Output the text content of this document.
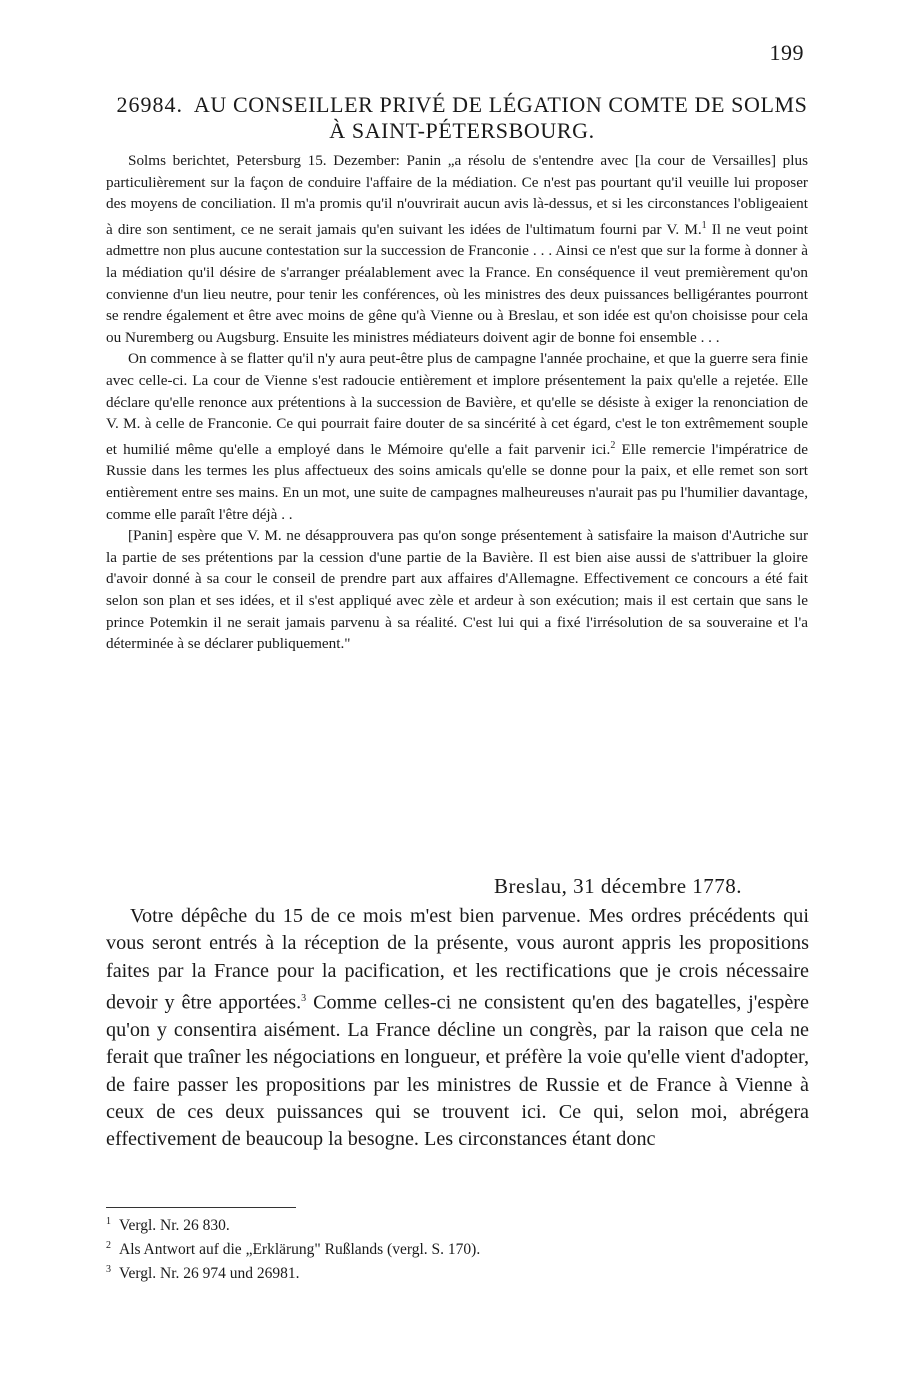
199
26984. AU CONSEILLER PRIVÉ DE LÉGATION COMTE DE SOLMS À SAINT-PÉTERSBOURG.

Solms berichtet, Petersburg 15. Dezember: Panin „a résolu de s'entendre avec [la cour de Versailles] plus particulièrement sur la façon de conduire l'affaire de la médiation. Ce n'est pas pourtant qu'il veuille lui proposer des moyens de conciliation. Il m'a promis qu'il n'ouvrirait aucun avis là-dessus, et si les circonstances l'obligeaient à dire son sentiment, ce ne serait jamais qu'en suivant les idées de l'ultimatum fourni par V. M.$^1$ Il ne veut point admettre non plus aucune contestation sur la succession de Franconie . . . Ainsi ce n'est que sur la forme à donner à la médiation qu'il désire de s'arranger préalablement avec la France. En conséquence il veut premièrement qu'on convienne d'un lieu neutre, pour tenir les conférences, où les ministres des deux puissances belligérantes pourront se rendre également et être avec moins de gêne qu'à Vienne ou à Breslau, et son idée est qu'on choisisse pour cela ou Nuremberg ou Augsburg. Ensuite les ministres médiateurs doivent agir de bonne foi ensemble . . .

On commence à se flatter qu'il n'y aura peut-être plus de campagne l'année prochaine, et que la guerre sera finie avec celle-ci. La cour de Vienne s'est radoucie entièrement et implore présentement la paix qu'elle a rejetée. Elle déclare qu'elle renonce aux prétentions à la succession de Bavière, et qu'elle se désiste à exiger la renonciation de V. M. à celle de Franconie. Ce qui pourrait faire douter de sa sincérité à cet égard, c'est le ton extrêmement souple et humilié même qu'elle a employé dans le Mémoire qu'elle a fait parvenir ici.$^2$ Elle remercie l'impératrice de Russie dans les termes les plus affectueux des soins amicals qu'elle se donne pour la paix, et elle remet son sort entièrement entre ses mains. En un mot, une suite de campagnes malheureuses n'aurait pas pu l'humilier davantage, comme elle paraît l'être déjà . .

[Panin] espère que V. M. ne désapprouvera pas qu'on songe présentement à satisfaire la maison d'Autriche sur la partie de ses prétentions par la cession d'une partie de la Bavière. Il est bien aise aussi de s'attribuer la gloire d'avoir donné à sa cour le conseil de prendre part aux affaires d'Allemagne. Effectivement ce concours a été fait selon son plan et ses idées, et il s'est appliqué avec zèle et ardeur à son exécution; mais il est certain que sans le prince Potemkin il ne serait jamais parvenu à sa réalité. C'est lui qui a fixé l'irrésolution de sa souveraine et l'a déterminée à se déclarer publiquement."

Breslau, 31 décembre 1778.

Votre dépêche du 15 de ce mois m'est bien parvenue. Mes ordres précédents qui vous seront entrés à la réception de la présente, vous auront appris les propositions faites par la France pour la pacification, et les rectifications que je crois nécessaire devoir y être apportées.$^3$ Comme celles-ci ne consistent qu'en des bagatelles, j'espère qu'on y consentira aisément. La France décline un congrès, par la raison que cela ne ferait que traîner les négociations en longueur, et préfère la voie qu'elle vient d'adopter, de faire passer les propositions par les ministres de Russie et de France à Vienne à ceux de ces deux puissances qui se trouvent ici. Ce qui, selon moi, abrégera effectivement de beaucoup la besogne. Les circonstances étant donc

$^1$ Vergl. Nr. 26 830.

$^2$ Als Antwort auf die „Erklärung" Rußlands (vergl. S. 170).

$^3$ Vergl. Nr. 26 974 und 26981.
